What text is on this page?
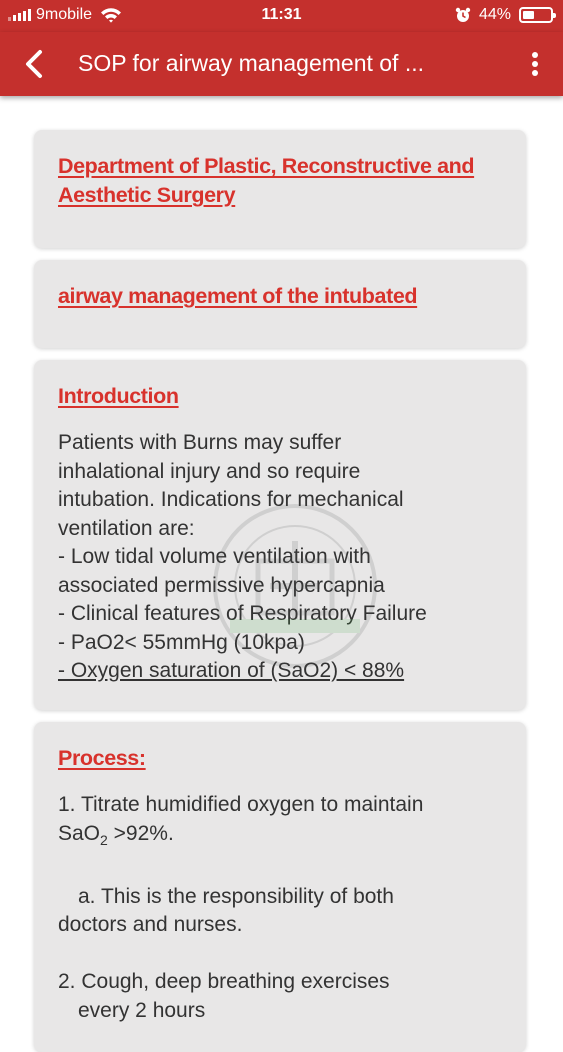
9mobile	11:31	44%
SOP for airway management of ...
Department of Plastic, Reconstructive and Aesthetic Surgery
airway management of the intubated
Introduction

Patients with Burns may suffer

inhalational injury and so require

intubation. Indications for mechanical

ventilation are:

- Low tidal volume ventilation with

associated permissive hypercapnia

- Clinical features of Respiratory Failure

- PaO2< 55mmHg (10kpa)

- Oxygen saturation of (SaO2) < 88%

Process:

1. Titrate humidified oxygen to maintain

SaO$_2$ >92%.

a. This is the responsibility of both

doctors and nurses.

2. Cough, deep breathing exercises

every 2 hours
